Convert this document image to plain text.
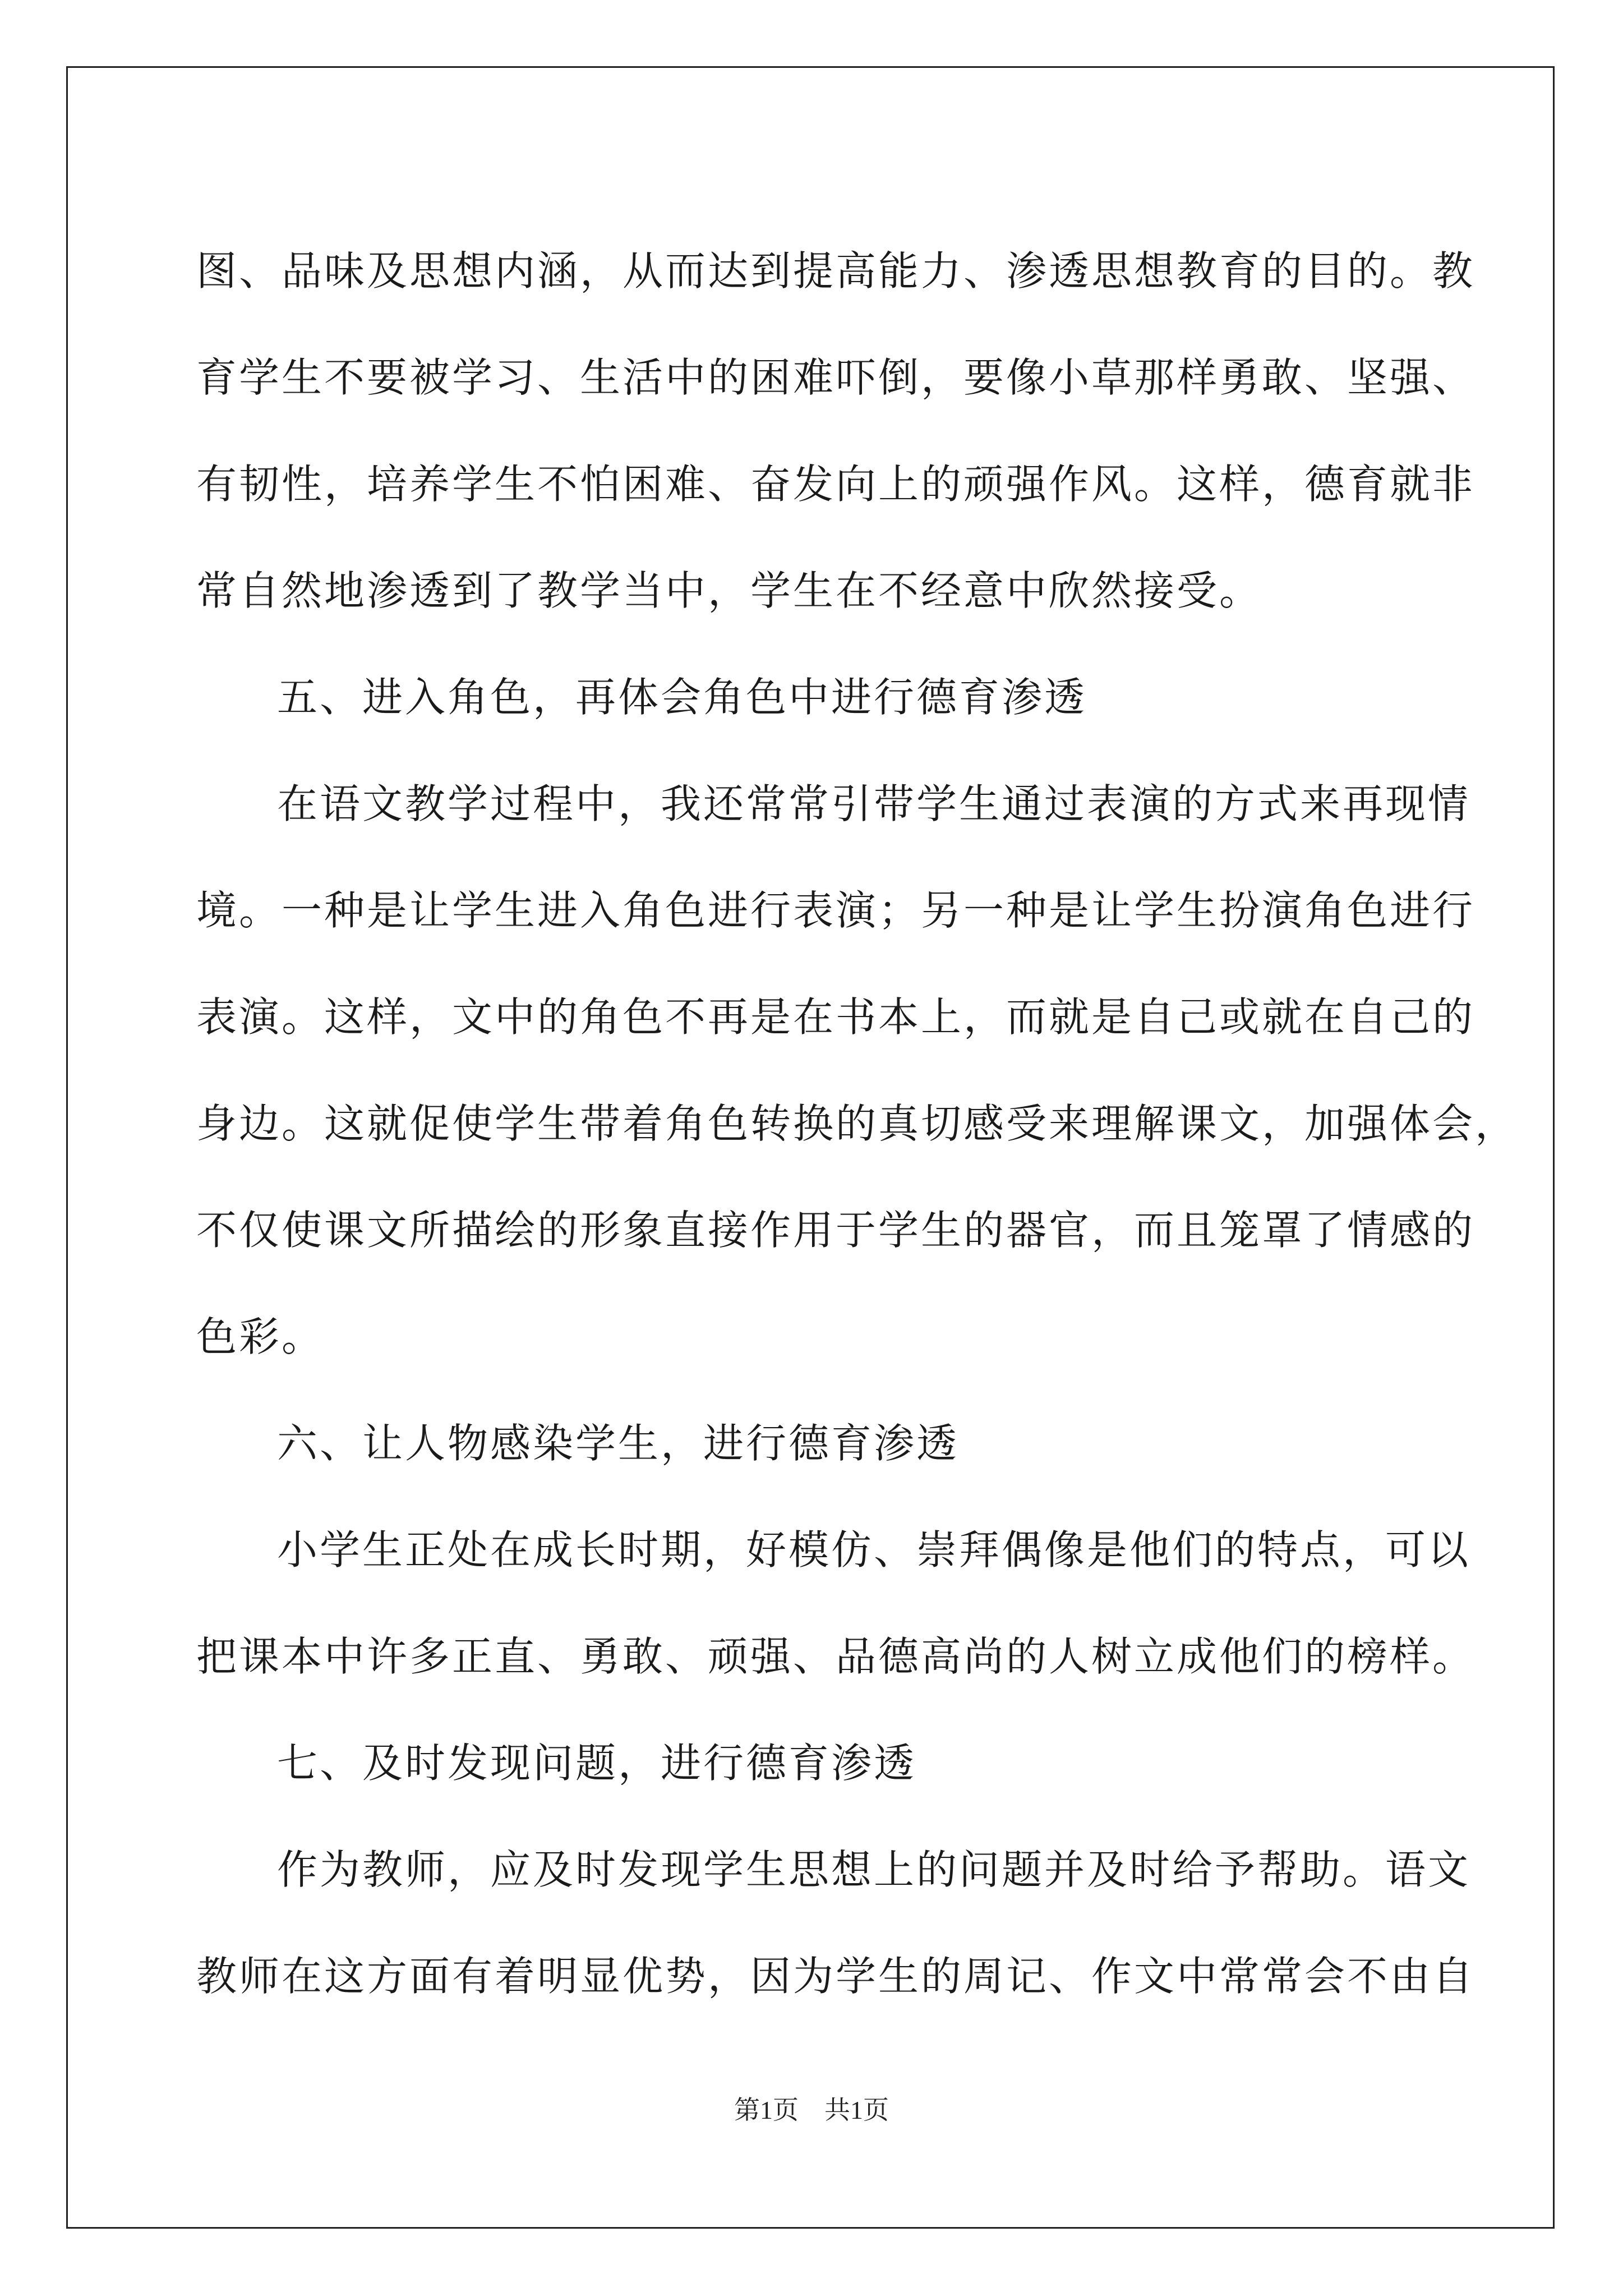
图、品味及思想内涵，从而达到提高能力、渗透思想教育的目的。教
育学生不要被学习、生活中的困难吓倒，要像小草那样勇敢、坚强、
有韧性，培养学生不怕困难、奋发向上的顽强作风。这样，德育就非
常自然地渗透到了教学当中，学生在不经意中欣然接受。
五、进入角色，再体会角色中进行德育渗透
在语文教学过程中，我还常常引带学生通过表演的方式来再现情
境。一种是让学生进入角色进行表演；另一种是让学生扮演角色进行
表演。这样，文中的角色不再是在书本上，而就是自己或就在自己的
身边。这就促使学生带着角色转换的真切感受来理解课文，加强体会，
不仅使课文所描绘的形象直接作用于学生的器官，而且笼罩了情感的
色彩。
六、让人物感染学生，进行德育渗透
小学生正处在成长时期，好模仿、崇拜偶像是他们的特点，可以
把课本中许多正直、勇敢、顽强、品德高尚的人树立成他们的榜样。
七、及时发现问题，进行德育渗透
作为教师，应及时发现学生思想上的问题并及时给予帮助。语文
教师在这方面有着明显优势，因为学生的周记、作文中常常会不由自
第1页　共1页
